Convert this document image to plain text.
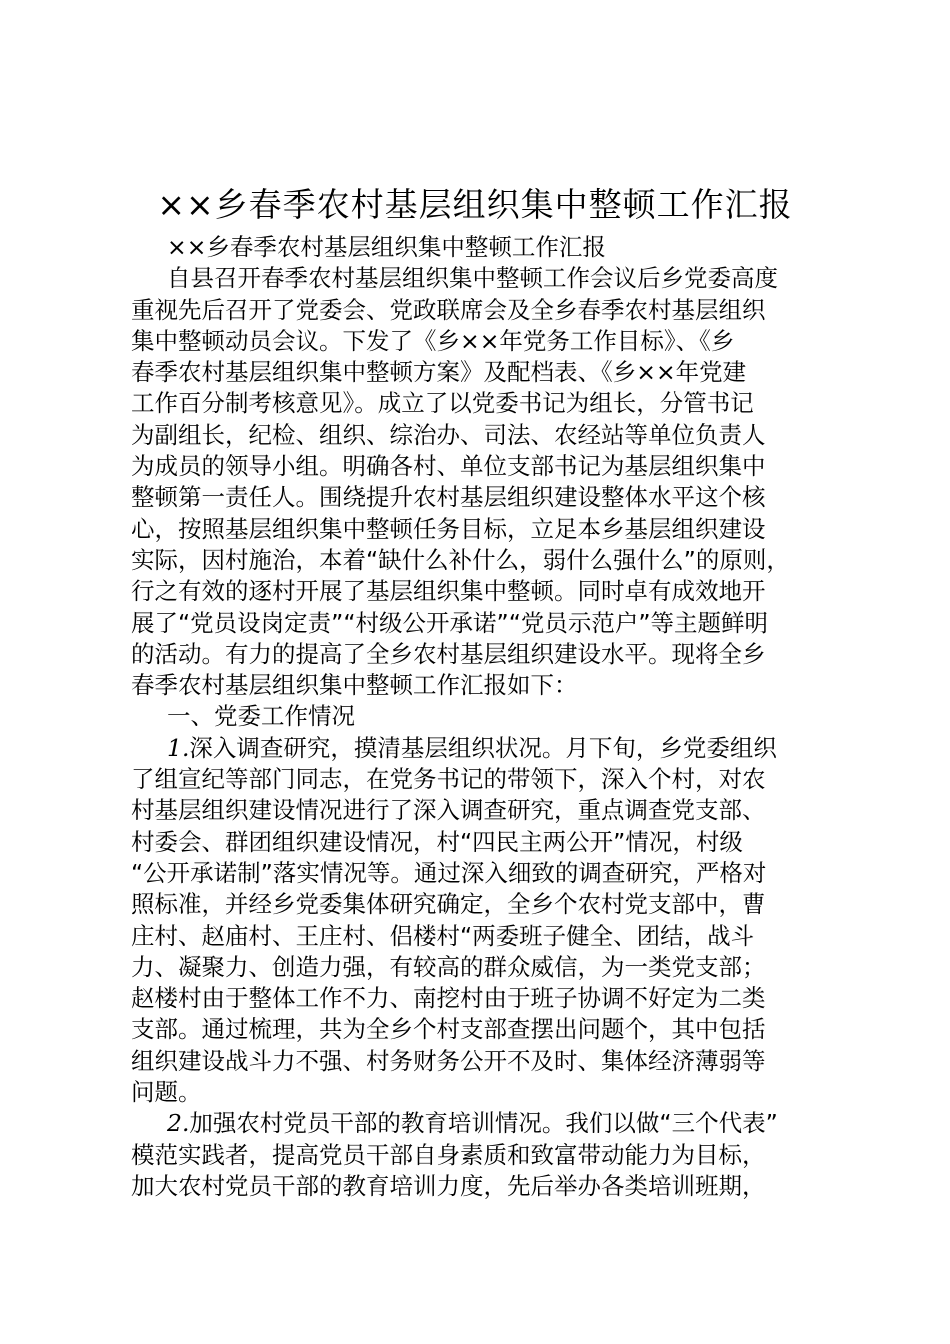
××乡春季农村基层组织集中整顿工作汇报
××乡春季农村基层组织集中整顿工作汇报
自县召开春季农村基层组织集中整顿工作会议后乡党委高度
重视先后召开了党委会、党政联席会及全乡春季农村基层组织
集中整顿动员会议。下发了《乡××年党务工作目标》、《乡
春季农村基层组织集中整顿方案》及配档表、《乡××年党建
工作百分制考核意见》。成立了以党委书记为组长，分管书记
为副组长，纪检、组织、综治办、司法、农经站等单位负责人
为成员的领导小组。明确各村、单位支部书记为基层组织集中
整顿第一责任人。围绕提升农村基层组织建设整体水平这个核
心，按照基层组织集中整顿任务目标，立足本乡基层组织建设
实际，因村施治，本着“缺什么补什么，弱什么强什么”的原则，
行之有效的逐村开展了基层组织集中整顿。同时卓有成效地开
展了“党员设岗定责”“村级公开承诺”“党员示范户”等主题鲜明
的活动。有力的提高了全乡农村基层组织建设水平。现将全乡
春季农村基层组织集中整顿工作汇报如下：
一、党委工作情况
1.深入调查研究，摸清基层组织状况。月下旬，乡党委组织
了组宣纪等部门同志，在党务书记的带领下，深入个村，对农
村基层组织建设情况进行了深入调查研究，重点调查党支部、
村委会、群团组织建设情况，村“四民主两公开”情况，村级
“公开承诺制”落实情况等。通过深入细致的调查研究，严格对
照标准，并经乡党委集体研究确定，全乡个农村党支部中，曹
庄村、赵庙村、王庄村、侣楼村“两委班子健全、团结，战斗
力、凝聚力、创造力强，有较高的群众威信，为一类党支部；
赵楼村由于整体工作不力、南挖村由于班子协调不好定为二类
支部。通过梳理，共为全乡个村支部查摆出问题个，其中包括
组织建设战斗力不强、村务财务公开不及时、集体经济薄弱等
问题。
2.加强农村党员干部的教育培训情况。我们以做“三个代表”
模范实践者，提高党员干部自身素质和致富带动能力为目标，
加大农村党员干部的教育培训力度，先后举办各类培训班期，
